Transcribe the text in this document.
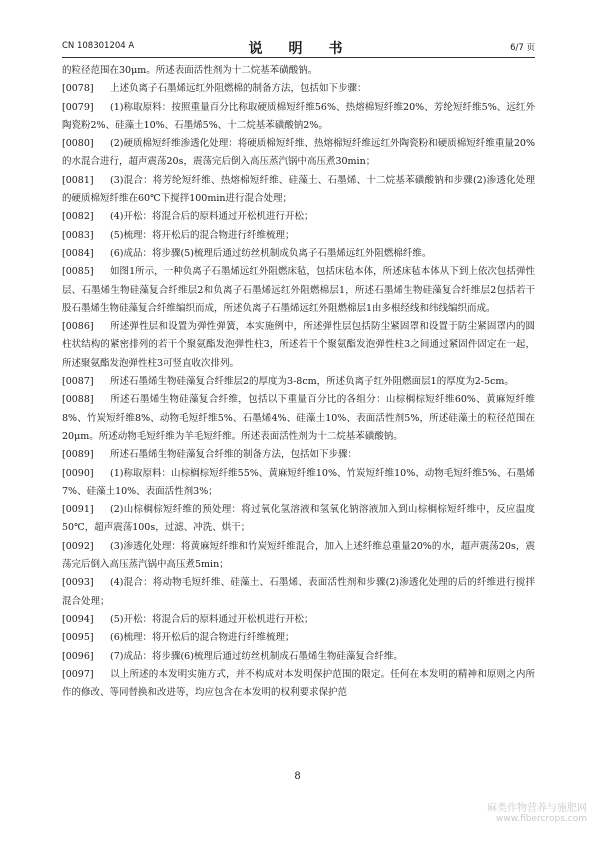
CN 108301204 A	说　明　书	6/7 页

的粒径范围在30μm。所述表面活性剂为十二烷基苯磺酸钠。

[0078] 上述负离子石墨烯远红外阻燃棉的制备方法，包括如下步骤：

[0079] (1)称取原料：按照重量百分比称取硬质棉短纤维56%、热熔棉短纤维20%、芳纶短纤维5%、远红外陶瓷粉2%、硅藻土10%、石墨烯5%、十二烷基苯磺酸钠2%。

[0080] (2)硬质棉短纤维渗透化处理：将硬质棉短纤维、热熔棉短纤维远红外陶瓷粉和硬质棉短纤维重量20%的水混合进行，超声震荡20s，震荡完后倒入高压蒸汽锅中高压煮30min；

[0081] (3)混合：将芳纶短纤维、热熔棉短纤维、硅藻土、石墨烯、十二烷基苯磺酸钠和步骤(2)渗透化处理的硬质棉短纤维在60℃下搅拌100min进行混合处理；

[0082] (4)开松：将混合后的原料通过开松机进行开松；

[0083] (5)梳理：将开松后的混合物进行纤维梳理；

[0084] (6)成品：将步骤(5)梳理后通过纺丝机制成负离子石墨烯远红外阻燃棉纤维。

[0085] 如图1所示，一种负离子石墨烯远红外阻燃床毡，包括床毡本体，所述床毡本体从下到上依次包括弹性层、石墨烯生物硅藻复合纤维层2和负离子石墨烯远红外阻燃棉层1，所述石墨烯生物硅藻复合纤维层2包括若干股石墨烯生物硅藻复合纤维编织而成，所述负离子石墨烯远红外阻燃棉层1由多根经线和纬线编织而成。

[0086] 所述弹性层和设置为弹性弹簧，本实施例中，所述弹性层包括防尘紧固罩和设置于防尘紧固罩内的圆柱状结构的紧密排列的若干个聚氨酯发泡弹性柱3，所述若干个聚氨酯发泡弹性柱3之间通过紧固件固定在一起，所述聚氨酯发泡弹性柱3可竖直收次排列。

[0087] 所述石墨烯生物硅藻复合纤维层2的厚度为3-8cm，所述负离子红外阻燃面层1的厚度为2-5cm。

[0088] 所述石墨烯生物硅藻复合纤维，包括以下重量百分比的各组分：山棕榈棕短纤维60%、黄麻短纤维8%、竹炭短纤维8%、动物毛短纤维5%、石墨烯4%、硅藻土10%、表面活性剂5%，所述硅藻土的粒径范围在20μm。所述动物毛短纤维为羊毛短纤维。所述表面活性剂为十二烷基苯磺酸钠。

[0089] 所述石墨烯生物硅藻复合纤维的制备方法，包括如下步骤：

[0090] (1)称取原料：山棕榈棕短纤维55%、黄麻短纤维10%、竹炭短纤维10%、动物毛短纤维5%、石墨烯7%、硅藻土10%、表面活性剂3%；

[0091] (2)山棕榈棕短纤维的预处理：将过氧化氢溶液和氢氧化钠溶液加入到山棕榈棕短纤维中，反应温度50℃，超声震荡100s，过滤、冲洗、烘干；

[0092] (3)渗透化处理：将黄麻短纤维和竹炭短纤维混合，加入上述纤维总重量20%的水，超声震荡20s，震荡完后倒入高压蒸汽锅中高压煮5min；

[0093] (4)混合：将动物毛短纤维、硅藻土、石墨烯、表面活性剂和步骤(2)渗透化处理的后的纤维进行搅拌混合处理；

[0094] (5)开松：将混合后的原料通过开松机进行开松；

[0095] (6)梳理：将开松后的混合物进行纤维梳理；

[0096] (7)成品：将步骤(6)梳理后通过纺丝机制成石墨烯生物硅藻复合纤维。

[0097] 以上所述的本发明实施方式，并不构成对本发明保护范围的限定。任何在本发明的精神和原则之内所作的修改、等同替换和改进等，均应包含在本发明的权利要求保护范

8
麻类作物营养与施肥网
www.fibercrops.com
